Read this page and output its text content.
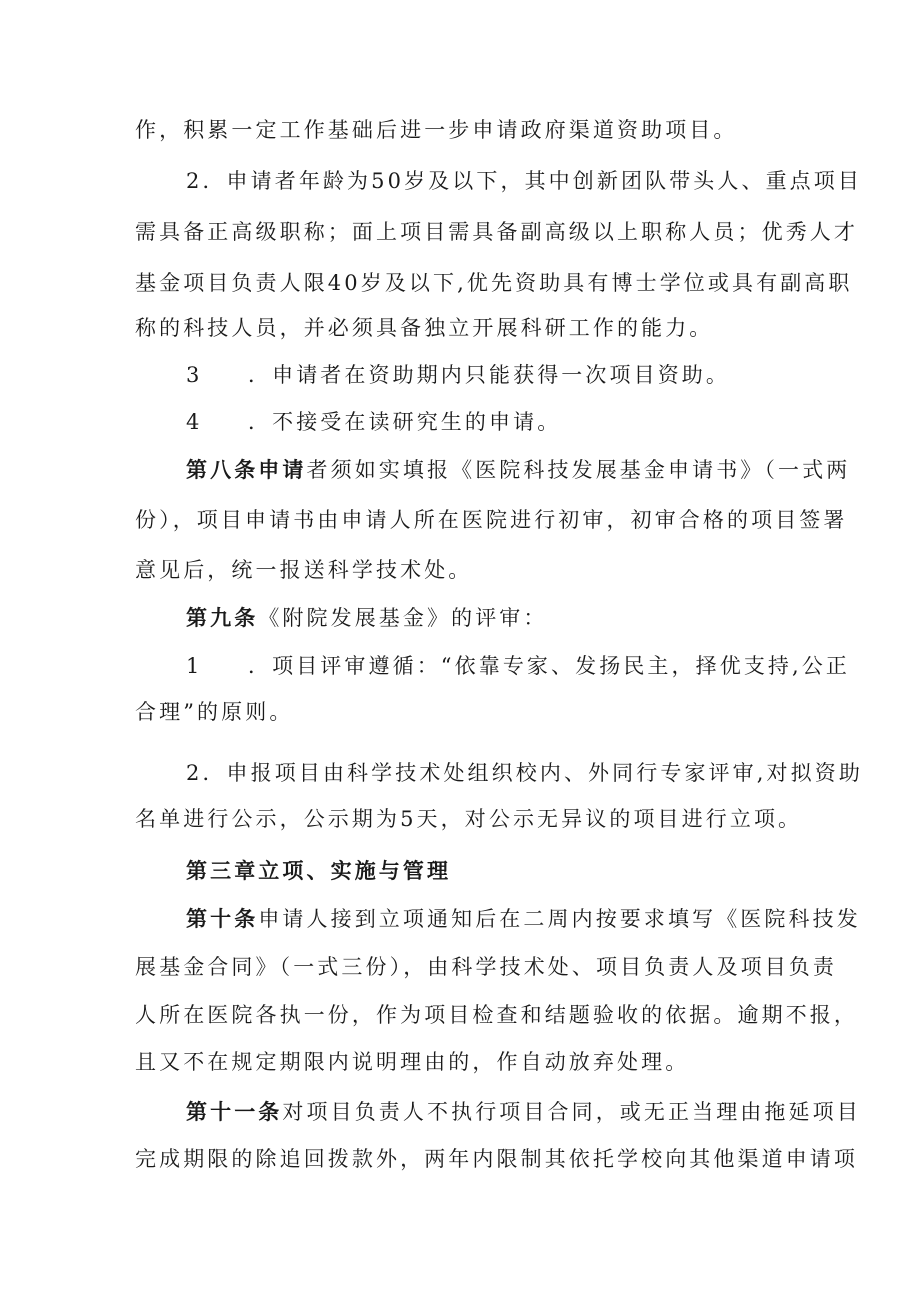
作，积累一定工作基础后进一步申请政府渠道资助项目。
2．申请者年龄为50岁及以下，其中创新团队带头人、重点项目
需具备正高级职称；面上项目需具备副高级以上职称人员；优秀人才
基金项目负责人限40岁及以下,优先资助具有博士学位或具有副高职
称的科技人员，并必须具备独立开展科研工作的能力。
3 ．申请者在资助期内只能获得一次项目资助。
4 ．不接受在读研究生的申请。
第八条申请者须如实填报《医院科技发展基金申请书》（一式两
份），项目申请书由申请人所在医院进行初审，初审合格的项目签署
意见后，统一报送科学技术处。
第九条《附院发展基金》的评审：
1 ．项目评审遵循：“依靠专家、发扬民主，择优支持,公正
合理”的原则。
2．申报项目由科学技术处组织校内、外同行专家评审,对拟资助
名单进行公示，公示期为5天，对公示无异议的项目进行立项。
第三章立项、实施与管理
第十条申请人接到立项通知后在二周内按要求填写《医院科技发
展基金合同》（一式三份），由科学技术处、项目负责人及项目负责
人所在医院各执一份，作为项目检查和结题验收的依据。逾期不报，
且又不在规定期限内说明理由的，作自动放弃处理。
第十一条对项目负责人不执行项目合同，或无正当理由拖延项目
完成期限的除追回拨款外，两年内限制其依托学校向其他渠道申请项
